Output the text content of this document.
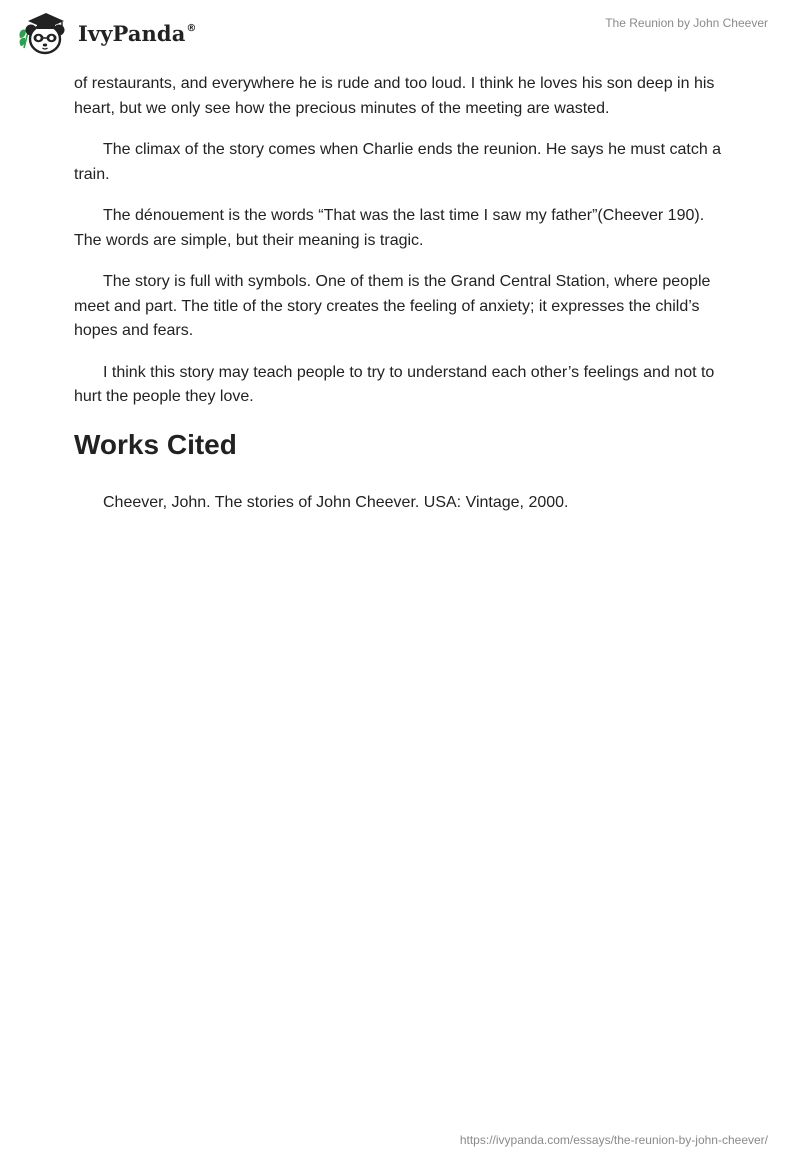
IvyPanda®	The Reunion by John Cheever

of restaurants, and everywhere he is rude and too loud. I think he loves his son deep in his heart, but we only see how the precious minutes of the meeting are wasted.

The climax of the story comes when Charlie ends the reunion. He says he must catch a train.

The dénouement is the words “That was the last time I saw my father”(Cheever 190). The words are simple, but their meaning is tragic.

The story is full with symbols. One of them is the Grand Central Station, where people meet and part. The title of the story creates the feeling of anxiety; it expresses the child’s hopes and fears.

I think this story may teach people to try to understand each other’s feelings and not to hurt the people they love.

Works Cited

Cheever, John. The stories of John Cheever. USA: Vintage, 2000.

https://ivypanda.com/essays/the-reunion-by-john-cheever/
